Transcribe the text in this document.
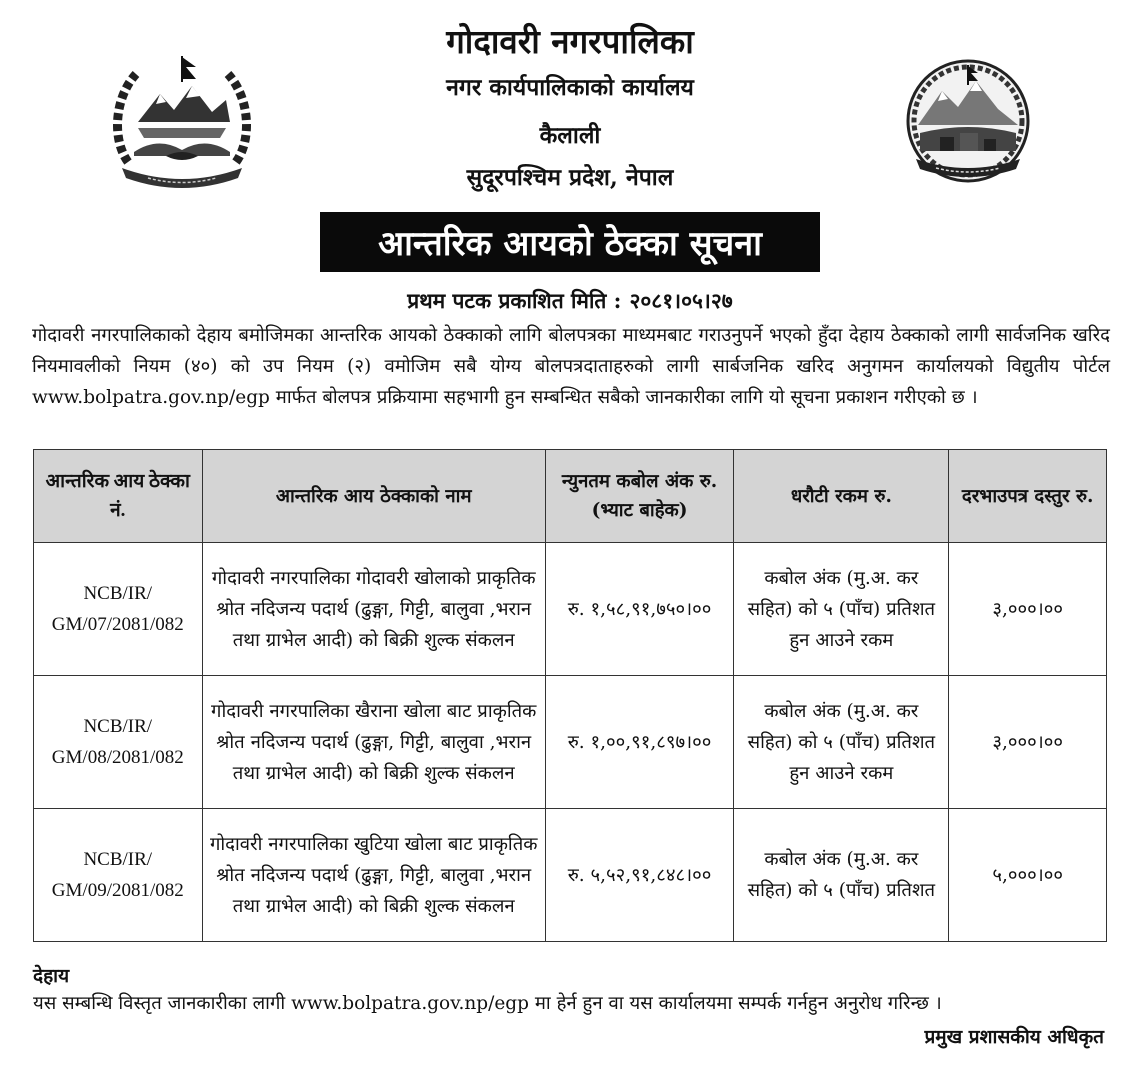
गोदावरी नगरपालिका
नगर कार्यपालिकाको कार्यालय
कैलाली
सुदूरपश्चिम प्रदेश, नेपाल
आन्तरिक आयको ठेक्का सूचना
प्रथम पटक प्रकाशित मिति : २०८१।०५।२७
गोदावरी नगरपालिकाको देहाय बमोजिमका आन्तरिक आयको ठेक्काको लागि बोलपत्रका माध्यमबाट गराउनुपर्ने भएको हुँदा देहाय ठेक्काको लागी सार्वजनिक खरिद नियमावलीको नियम (४०) को उप नियम (२) वमोजिम सबै योग्य बोलपत्रदाताहरुको लागी सार्बजनिक खरिद अनुगमन कार्यालयको विद्युतीय पोर्टल www.bolpatra.gov.np/egp मार्फत बोलपत्र प्रक्रियामा सहभागी हुन सम्बन्धित सबैको जानकारीका लागि यो सूचना प्रकाशन गरीएको छ ।
आन्तरिक आय ठेक्का नं.	आन्तरिक आय ठेक्काको नाम	न्युनतम कबोल अंक रु. (भ्याट बाहेक)	धरौटी रकम रु.	दरभाउपत्र दस्तुर रु.
NCB/IR/
GM/07/2081/082	गोदावरी नगरपालिका गोदावरी खोलाको प्राकृतिक श्रोत नदिजन्य पदार्थ (ढुङ्गा, गिट्टी, बालुवा ,भरान तथा ग्राभेल आदी) को बिक्री शुल्क संकलन	रु. १,५८,९१,७५०।००	कबोल अंक (मु.अ. कर सहित) को ५ (पाँच) प्रतिशत हुन आउने रकम	३,०००।००
NCB/IR/
GM/08/2081/082	गोदावरी नगरपालिका खैराना खोला बाट प्राकृतिक श्रोत नदिजन्य पदार्थ (ढुङ्गा, गिट्टी, बालुवा ,भरान तथा ग्राभेल आदी) को बिक्री शुल्क संकलन	रु. १,००,९१,८९७।००	कबोल अंक (मु.अ. कर सहित) को ५ (पाँच) प्रतिशत हुन आउने रकम	३,०००।००
NCB/IR/
GM/09/2081/082	गोदावरी नगरपालिका खुटिया खोला बाट प्राकृतिक श्रोत नदिजन्य पदार्थ (ढुङ्गा, गिट्टी, बालुवा ,भरान तथा ग्राभेल आदी) को बिक्री शुल्क संकलन	रु. ५,५२,९१,८४८।००	कबोल अंक (मु.अ. कर सहित) को ५ (पाँच) प्रतिशत	५,०००।००
देहाय
यस सम्बन्धि विस्तृत जानकारीका लागी www.bolpatra.gov.np/egp मा हेर्न हुन वा यस कार्यालयमा सम्पर्क गर्नहुन अनुरोध गरिन्छ ।
प्रमुख प्रशासकीय अधिकृत
